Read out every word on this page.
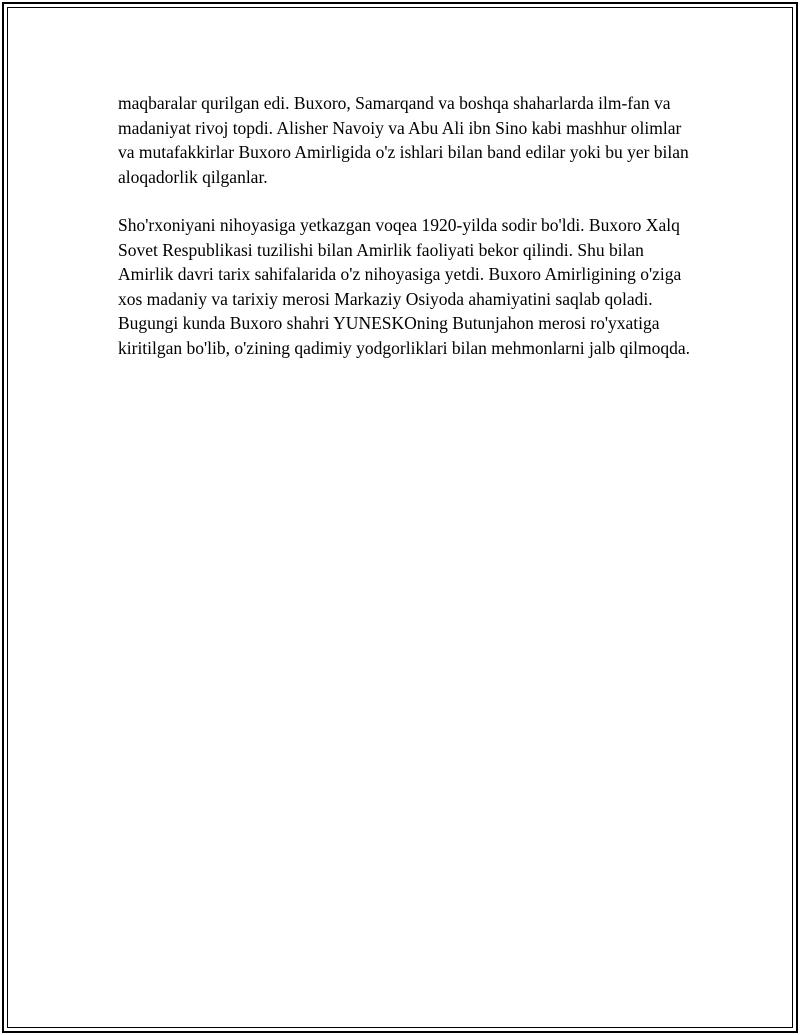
maqbaralar qurilgan edi. Buxoro, Samarqand va boshqa shaharlarda ilm-fan va madaniyat rivoj topdi. Alisher Navoiy va Abu Ali ibn Sino kabi mashhur olimlar va mutafakkirlar Buxoro Amirligida o'z ishlari bilan band edilar yoki bu yer bilan aloqadorlik qilganlar.

Sho'rxoniyani nihoyasiga yetkazgan voqea 1920-yilda sodir bo'ldi. Buxoro Xalq Sovet Respublikasi tuzilishi bilan Amirlik faoliyati bekor qilindi. Shu bilan Amirlik davri tarix sahifalarida o'z nihoyasiga yetdi. Buxoro Amirligining o'ziga xos madaniy va tarixiy merosi Markaziy Osiyoda ahamiyatini saqlab qoladi. Bugungi kunda Buxoro shahri YUNESKOning Butunjahon merosi ro'yxatiga kiritilgan bo'lib, o'zining qadimiy yodgorliklari bilan mehmonlarni jalb qilmoqda.
